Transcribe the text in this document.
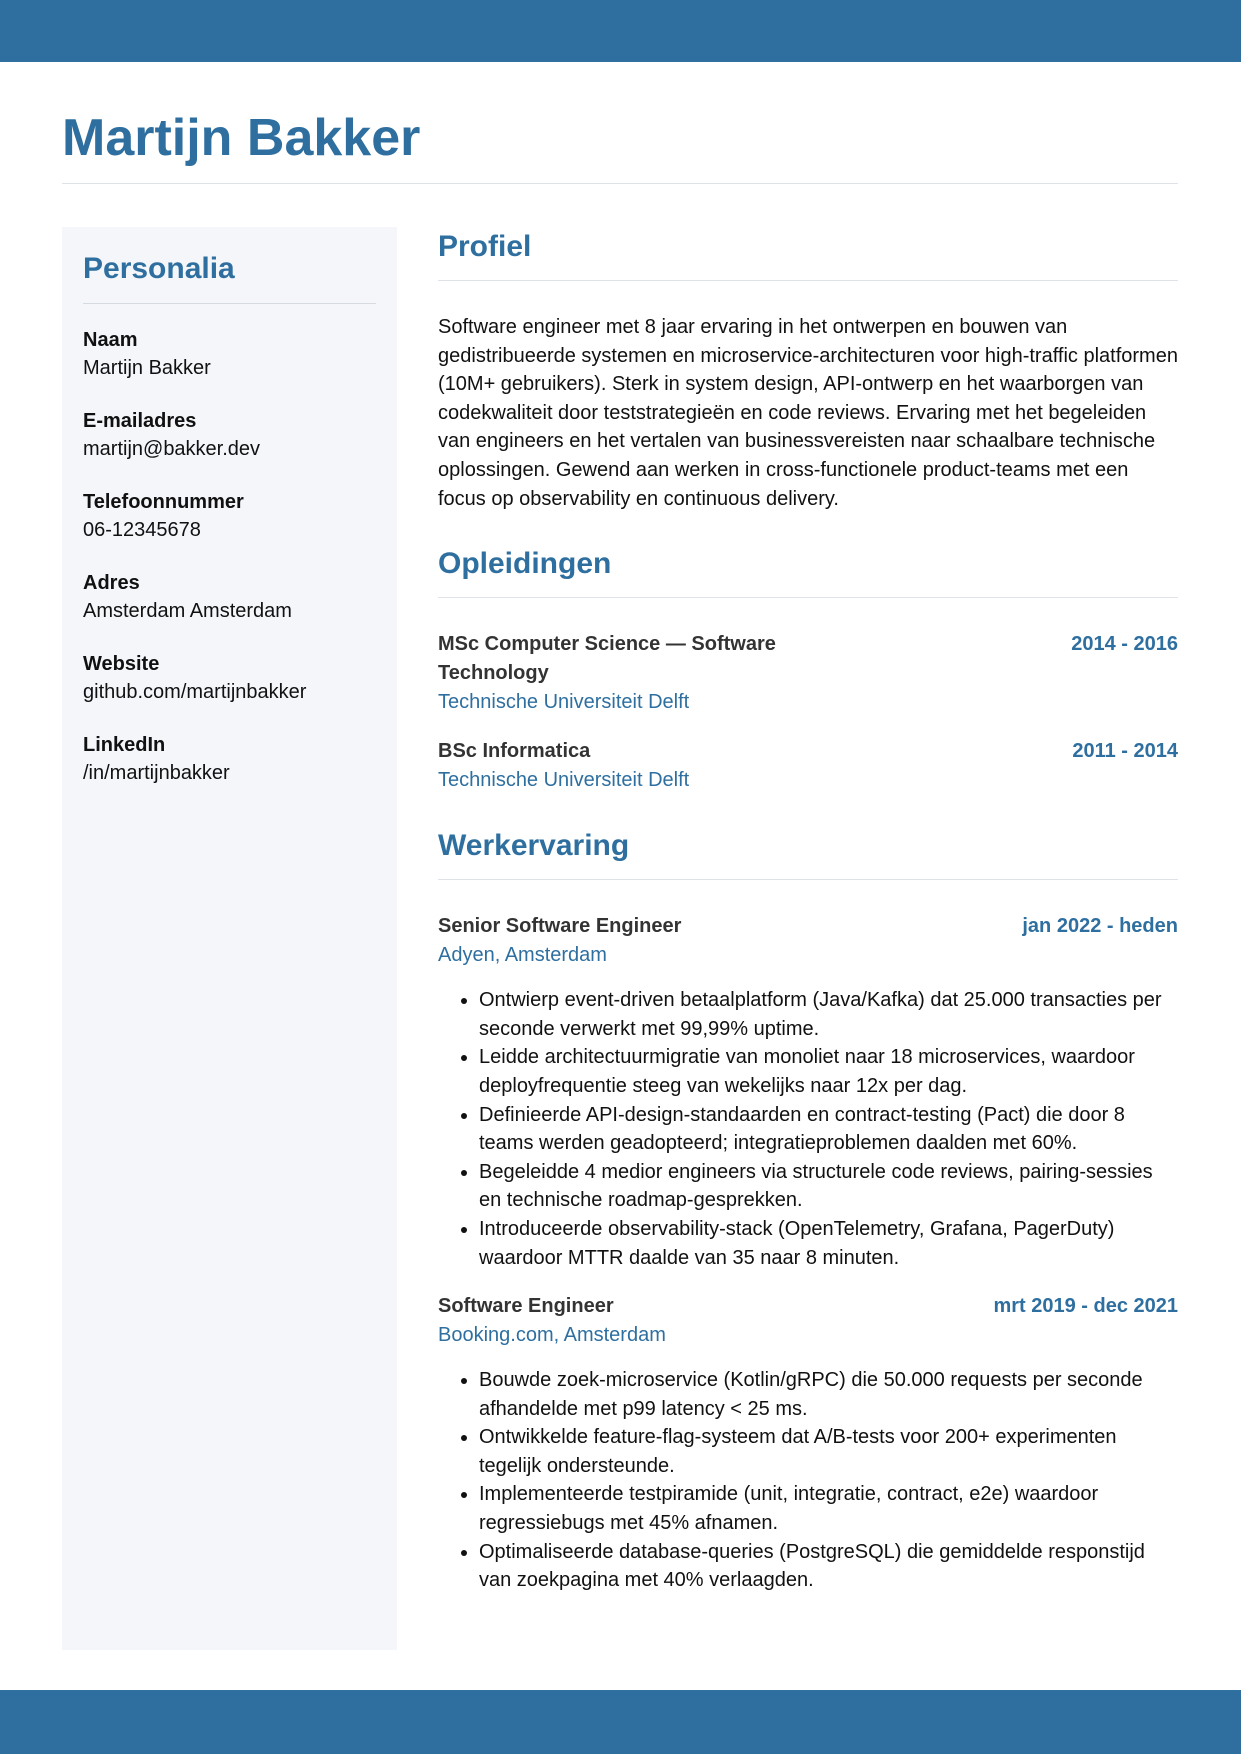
Martijn Bakker
Personalia
Naam
Martijn Bakker
E-mailadres
martijn@bakker.dev
Telefoonnummer
06-12345678
Adres
Amsterdam Amsterdam
Website
github.com/martijnbakker
LinkedIn
/in/martijnbakker
Profiel

Software engineer met 8 jaar ervaring in het ontwerpen en bouwen van gedistribueerde systemen en microservice-architecturen voor high-traffic platformen (10M+ gebruikers). Sterk in system design, API-ontwerp en het waarborgen van codekwaliteit door teststrategieën en code reviews. Ervaring met het begeleiden van engineers en het vertalen van businessvereisten naar schaalbare technische oplossingen. Gewend aan werken in cross-functionele product-teams met een focus op observability en continuous delivery.

Opleidingen
MSc Computer Science — Software Technology
2014 - 2016
Technische Universiteit Delft
BSc Informatica	2011 - 2014
Technische Universiteit Delft
Werkervaring
Senior Software Engineer	jan 2022 - heden
Adyen, Amsterdam
• Ontwierp event-driven betaalplatform (Java/Kafka) dat 25.000 transacties per seconde verwerkt met 99,99% uptime.
• Leidde architectuurmigratie van monoliet naar 18 microservices, waardoor deployfrequentie steeg van wekelijks naar 12x per dag.
• Definieerde API-design-standaarden en contract-testing (Pact) die door 8 teams werden geadopteerd; integratieproblemen daalden met 60%.
• Begeleidde 4 medior engineers via structurele code reviews, pairing-sessies en technische roadmap-gesprekken.
• Introduceerde observability-stack (OpenTelemetry, Grafana, PagerDuty) waardoor MTTR daalde van 35 naar 8 minuten.
Software Engineer	mrt 2019 - dec 2021
Booking.com, Amsterdam
• Bouwde zoek-microservice (Kotlin/gRPC) die 50.000 requests per seconde afhandelde met p99 latency < 25 ms.
• Ontwikkelde feature-flag-systeem dat A/B-tests voor 200+ experimenten tegelijk ondersteunde.
• Implementeerde testpiramide (unit, integratie, contract, e2e) waardoor regressiebugs met 45% afnamen.
• Optimaliseerde database-queries (PostgreSQL) die gemiddelde responstijd van zoekpagina met 40% verlaagden.
